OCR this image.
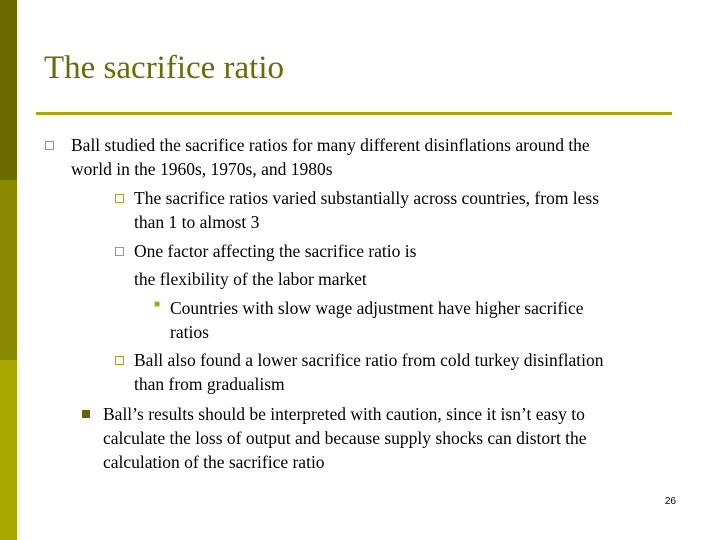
The sacrifice ratio
Ball studied the sacrifice ratios for many different disinflations around the
world in the 1960s, 1970s, and 1980s
The sacrifice ratios varied substantially across countries, from less
than 1 to almost 3
One factor affecting the sacrifice ratio is
the flexibility of the labor market
■ Countries with slow wage adjustment have higher sacrifice
ratios
Ball also found a lower sacrifice ratio from cold turkey disinflation
than from gradualism
Ball’s results should be interpreted with caution, since it isn’t easy to
calculate the loss of output and because supply shocks can distort the
calculation of the sacrifice ratio
26
